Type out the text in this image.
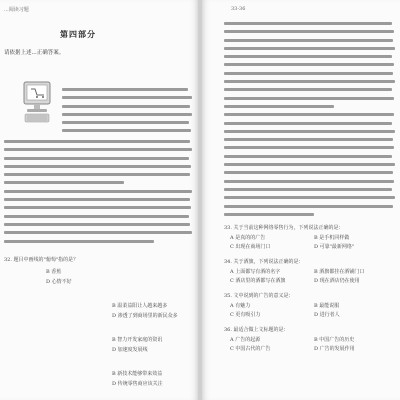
...阅读习题
第四部分
请依据上述...正确答案。
32. 题目中画线的"葡萄"指的是？
B 香蕉
D 心情不好
B 温柔益阳让人越来越多
D 渗透了到商场里的新民众多
B 智力开发家庭的资讯
D 加速度发展线
B 新技术能够带来效益
D 传统零售商应该关注
33-36
33. 关于当前这种网络零售行为，下列说法正确的是：
A 是真的的广告	B 是手机同样做
C 出现在商场门口	D 可靠"最新网络"
34. 关于酒旗，下列说法正确的是：
A 上面都写有酒的名字	B 酒旗都挂在酒铺门口
C 酒店里的酒都写在酒旗	D 现在酒店仍在使用
35. 文中说到的广告的意义是：
A 有魅力	B 最能说服
C 更有吸引力	D 进行者人
36. 最适合做上文标题的是：
A 广告的起源	B 中国广告的历史
C 中国古代的广告	D 广告的发展作用
